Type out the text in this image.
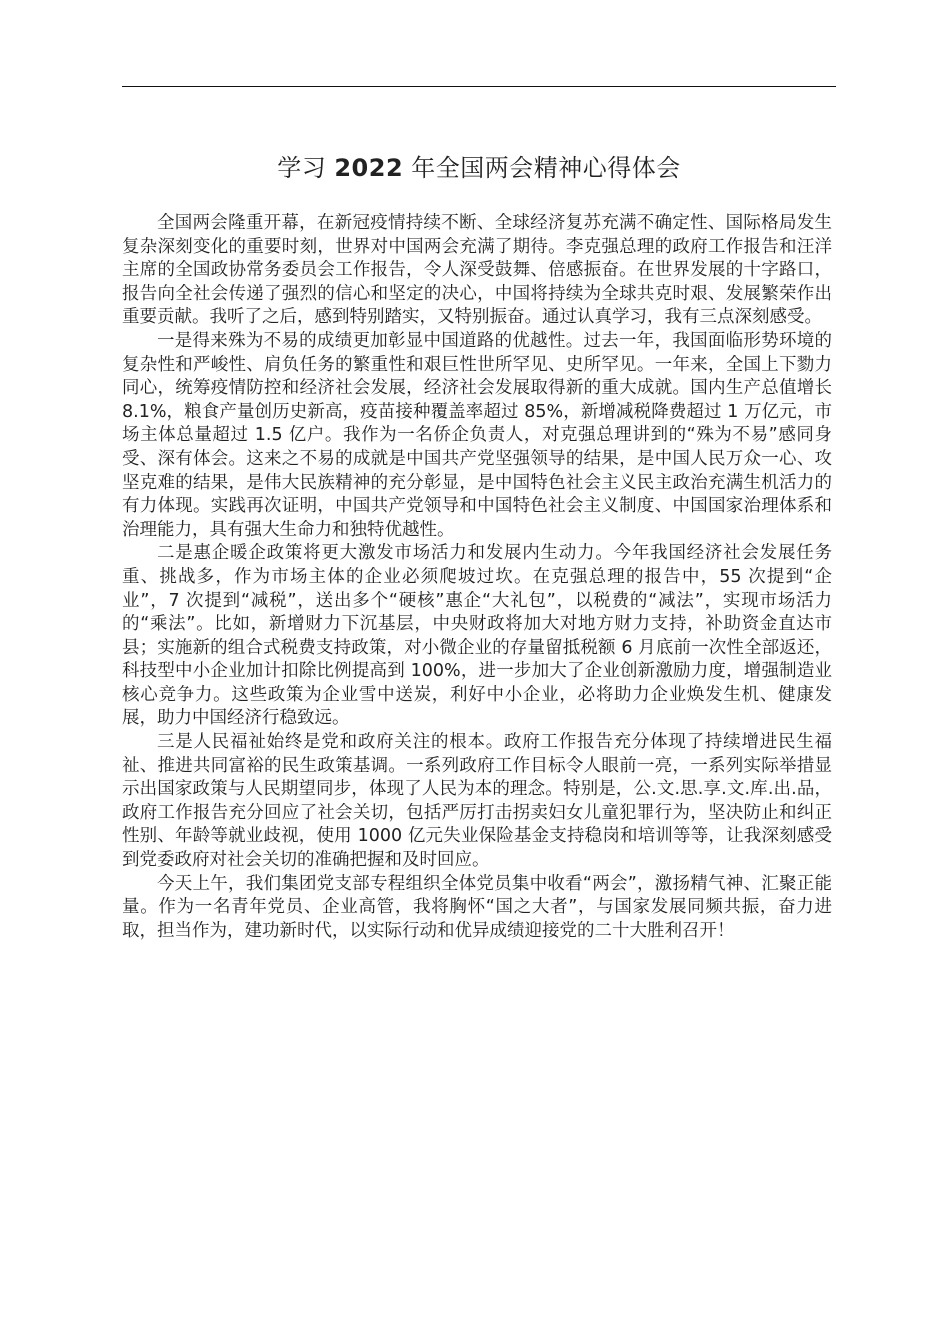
学习 2022 年全国两会精神心得体会

全国两会隆重开幕，在新冠疫情持续不断、全球经济复苏充满不确定性、国际格局发生复杂深刻变化的重要时刻，世界对中国两会充满了期待。李克强总理的政府工作报告和汪洋主席的全国政协常务委员会工作报告，令人深受鼓舞、倍感振奋。在世界发展的十字路口，报告向全社会传递了强烈的信心和坚定的决心，中国将持续为全球共克时艰、发展繁荣作出重要贡献。我听了之后，感到特别踏实，又特别振奋。通过认真学习，我有三点深刻感受。

一是得来殊为不易的成绩更加彰显中国道路的优越性。过去一年，我国面临形势环境的复杂性和严峻性、肩负任务的繁重性和艰巨性世所罕见、史所罕见。一年来，全国上下勠力同心，统筹疫情防控和经济社会发展，经济社会发展取得新的重大成就。国内生产总值增长 8.1%，粮食产量创历史新高，疫苗接种覆盖率超过 85%，新增减税降费超过 1 万亿元，市场主体总量超过 1.5 亿户。我作为一名侨企负责人，对克强总理讲到的“殊为不易”感同身受、深有体会。这来之不易的成就是中国共产党坚强领导的结果，是中国人民万众一心、攻坚克难的结果，是伟大民族精神的充分彰显，是中国特色社会主义民主政治充满生机活力的有力体现。实践再次证明，中国共产党领导和中国特色社会主义制度、中国国家治理体系和治理能力，具有强大生命力和独特优越性。

二是惠企暖企政策将更大激发市场活力和发展内生动力。今年我国经济社会发展任务重、挑战多，作为市场主体的企业必须爬坡过坎。在克强总理的报告中，55 次提到“企业”，7 次提到“减税”，送出多个“硬核”惠企“大礼包”，以税费的“减法”，实现市场活力的“乘法”。比如，新增财力下沉基层，中央财政将加大对地方财力支持，补助资金直达市县；实施新的组合式税费支持政策，对小微企业的存量留抵税额 6 月底前一次性全部返还，科技型中小企业加计扣除比例提高到 100%，进一步加大了企业创新激励力度，增强制造业核心竞争力。这些政策为企业雪中送炭，利好中小企业，必将助力企业焕发生机、健康发展，助力中国经济行稳致远。

三是人民福祉始终是党和政府关注的根本。政府工作报告充分体现了持续增进民生福祉、推进共同富裕的民生政策基调。一系列政府工作目标令人眼前一亮，一系列实际举措显示出国家政策与人民期望同步，体现了人民为本的理念。特别是，公.文.思.享.文.库.出.品，政府工作报告充分回应了社会关切，包括严厉打击拐卖妇女儿童犯罪行为，坚决防止和纠正性别、年龄等就业歧视，使用 1000 亿元失业保险基金支持稳岗和培训等等，让我深刻感受到党委政府对社会关切的准确把握和及时回应。

今天上午，我们集团党支部专程组织全体党员集中收看“两会”，激扬精气神、汇聚正能量。作为一名青年党员、企业高管，我将胸怀“国之大者”，与国家发展同频共振，奋力进取，担当作为，建功新时代，以实际行动和优异成绩迎接党的二十大胜利召开！
